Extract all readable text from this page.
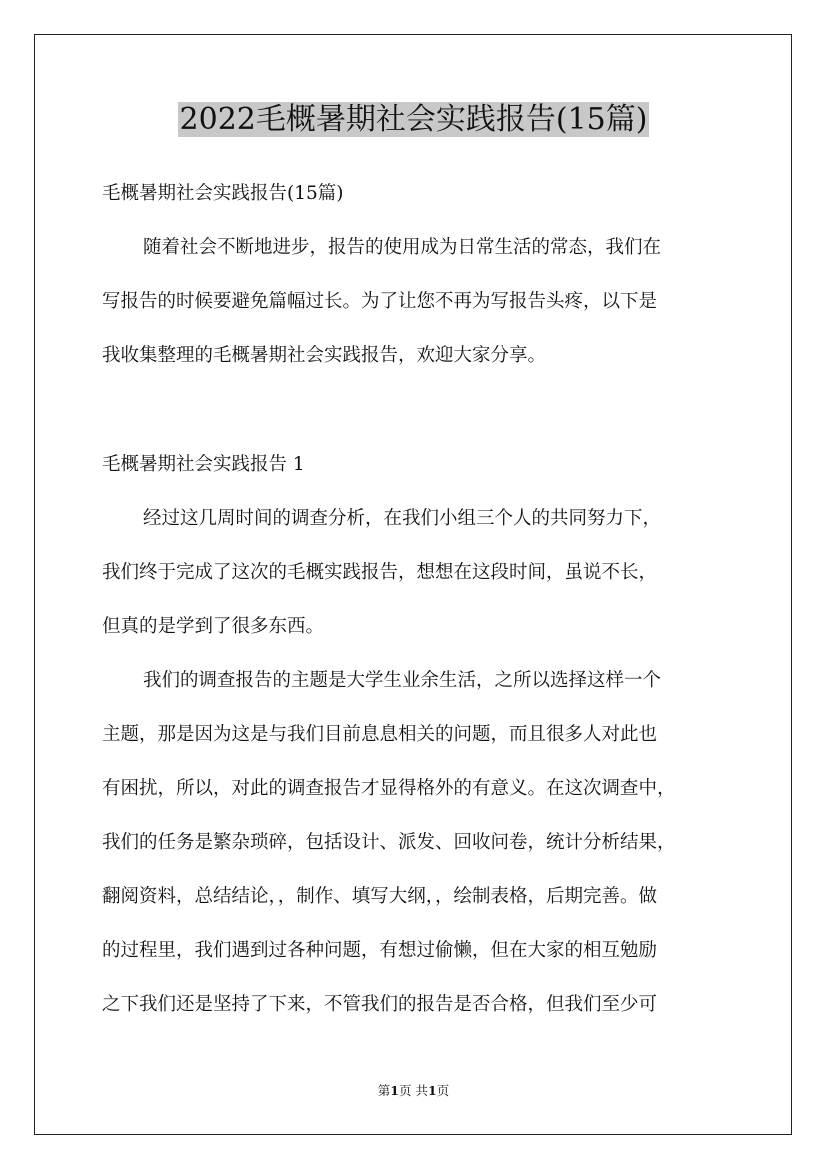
2022毛概暑期社会实践报告(15篇)
毛概暑期社会实践报告(15篇)
随着社会不断地进步，报告的使用成为日常生活的常态，我们在
写报告的时候要避免篇幅过长。为了让您不再为写报告头疼，以下是
我收集整理的毛概暑期社会实践报告，欢迎大家分享。
毛概暑期社会实践报告 1
经过这几周时间的调查分析，在我们小组三个人的共同努力下，
我们终于完成了这次的毛概实践报告，想想在这段时间，虽说不长，
但真的是学到了很多东西。
我们的调查报告的主题是大学生业余生活，之所以选择这样一个
主题，那是因为这是与我们目前息息相关的问题，而且很多人对此也
有困扰，所以，对此的调查报告才显得格外的有意义。在这次调查中，
我们的任务是繁杂琐碎，包括设计、派发、回收问卷，统计分析结果，
翻阅资料，总结结论，，制作、填写大纲，，绘制表格，后期完善。做
的过程里，我们遇到过各种问题，有想过偷懒，但在大家的相互勉励
之下我们还是坚持了下来，不管我们的报告是否合格，但我们至少可
第1页 共1页
